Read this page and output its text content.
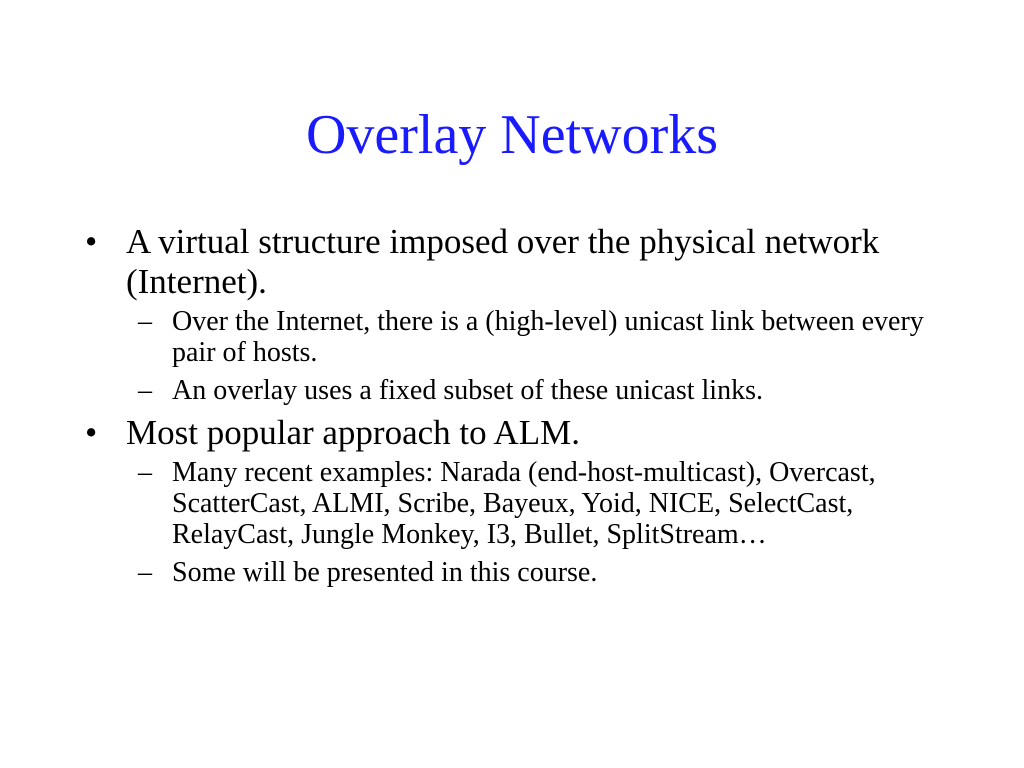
Overlay Networks
• A virtual structure imposed over the physical network (Internet).
– Over the Internet, there is a (high-level) unicast link between every pair of hosts.
– An overlay uses a fixed subset of these unicast links.
• Most popular approach to ALM.
– Many recent examples: Narada (end-host-multicast), Overcast, ScatterCast, ALMI, Scribe, Bayeux, Yoid, NICE, SelectCast, RelayCast, Jungle Monkey, I3, Bullet, SplitStream…
– Some will be presented in this course.
